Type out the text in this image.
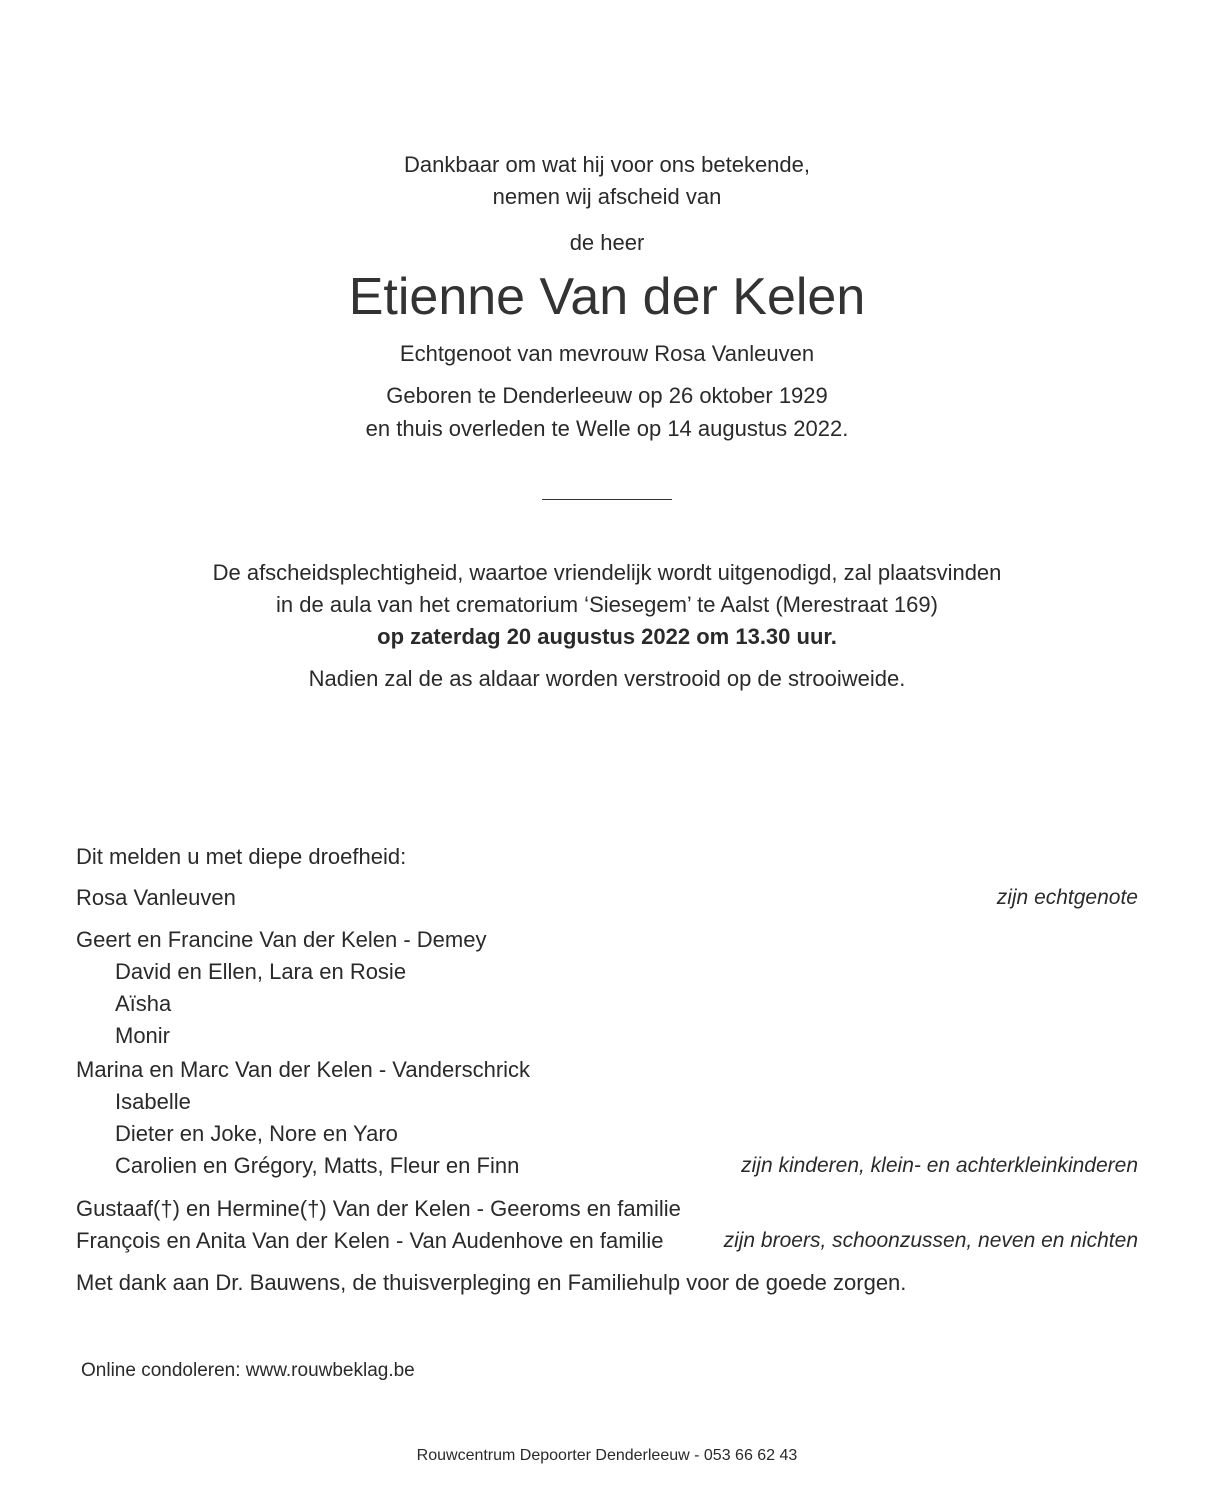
Dankbaar om wat hij voor ons betekende,
nemen wij afscheid van
de heer
Etienne Van der Kelen
Echtgenoot van mevrouw Rosa Vanleuven
Geboren te Denderleeuw op 26 oktober 1929
en thuis overleden te Welle op 14 augustus 2022.
De afscheidsplechtigheid, waartoe vriendelijk wordt uitgenodigd, zal plaatsvinden
in de aula van het crematorium ‘Siesegem’ te Aalst (Merestraat 169)
op zaterdag 20 augustus 2022 om 13.30 uur.
Nadien zal de as aldaar worden verstrooid op de strooiweide.
Dit melden u met diepe droefheid:
Rosa Vanleuven	zijn echtgenote
Geert en Francine Van der Kelen - Demey
David en Ellen, Lara en Rosie
Aïsha
Monir
Marina en Marc Van der Kelen - Vanderschrick
Isabelle
Dieter en Joke, Nore en Yaro
Carolien en Grégory, Matts, Fleur en Finn	zijn kinderen, klein- en achterkleinkinderen
Gustaaf(†) en Hermine(†) Van der Kelen - Geeroms en familie
François en Anita Van der Kelen - Van Audenhove en familie	zijn broers, schoonzussen, neven en nichten
Met dank aan Dr. Bauwens, de thuisverpleging en Familiehulp voor de goede zorgen.
Online condoleren: www.rouwbeklag.be
Rouwcentrum Depoorter Denderleeuw - 053 66 62 43
